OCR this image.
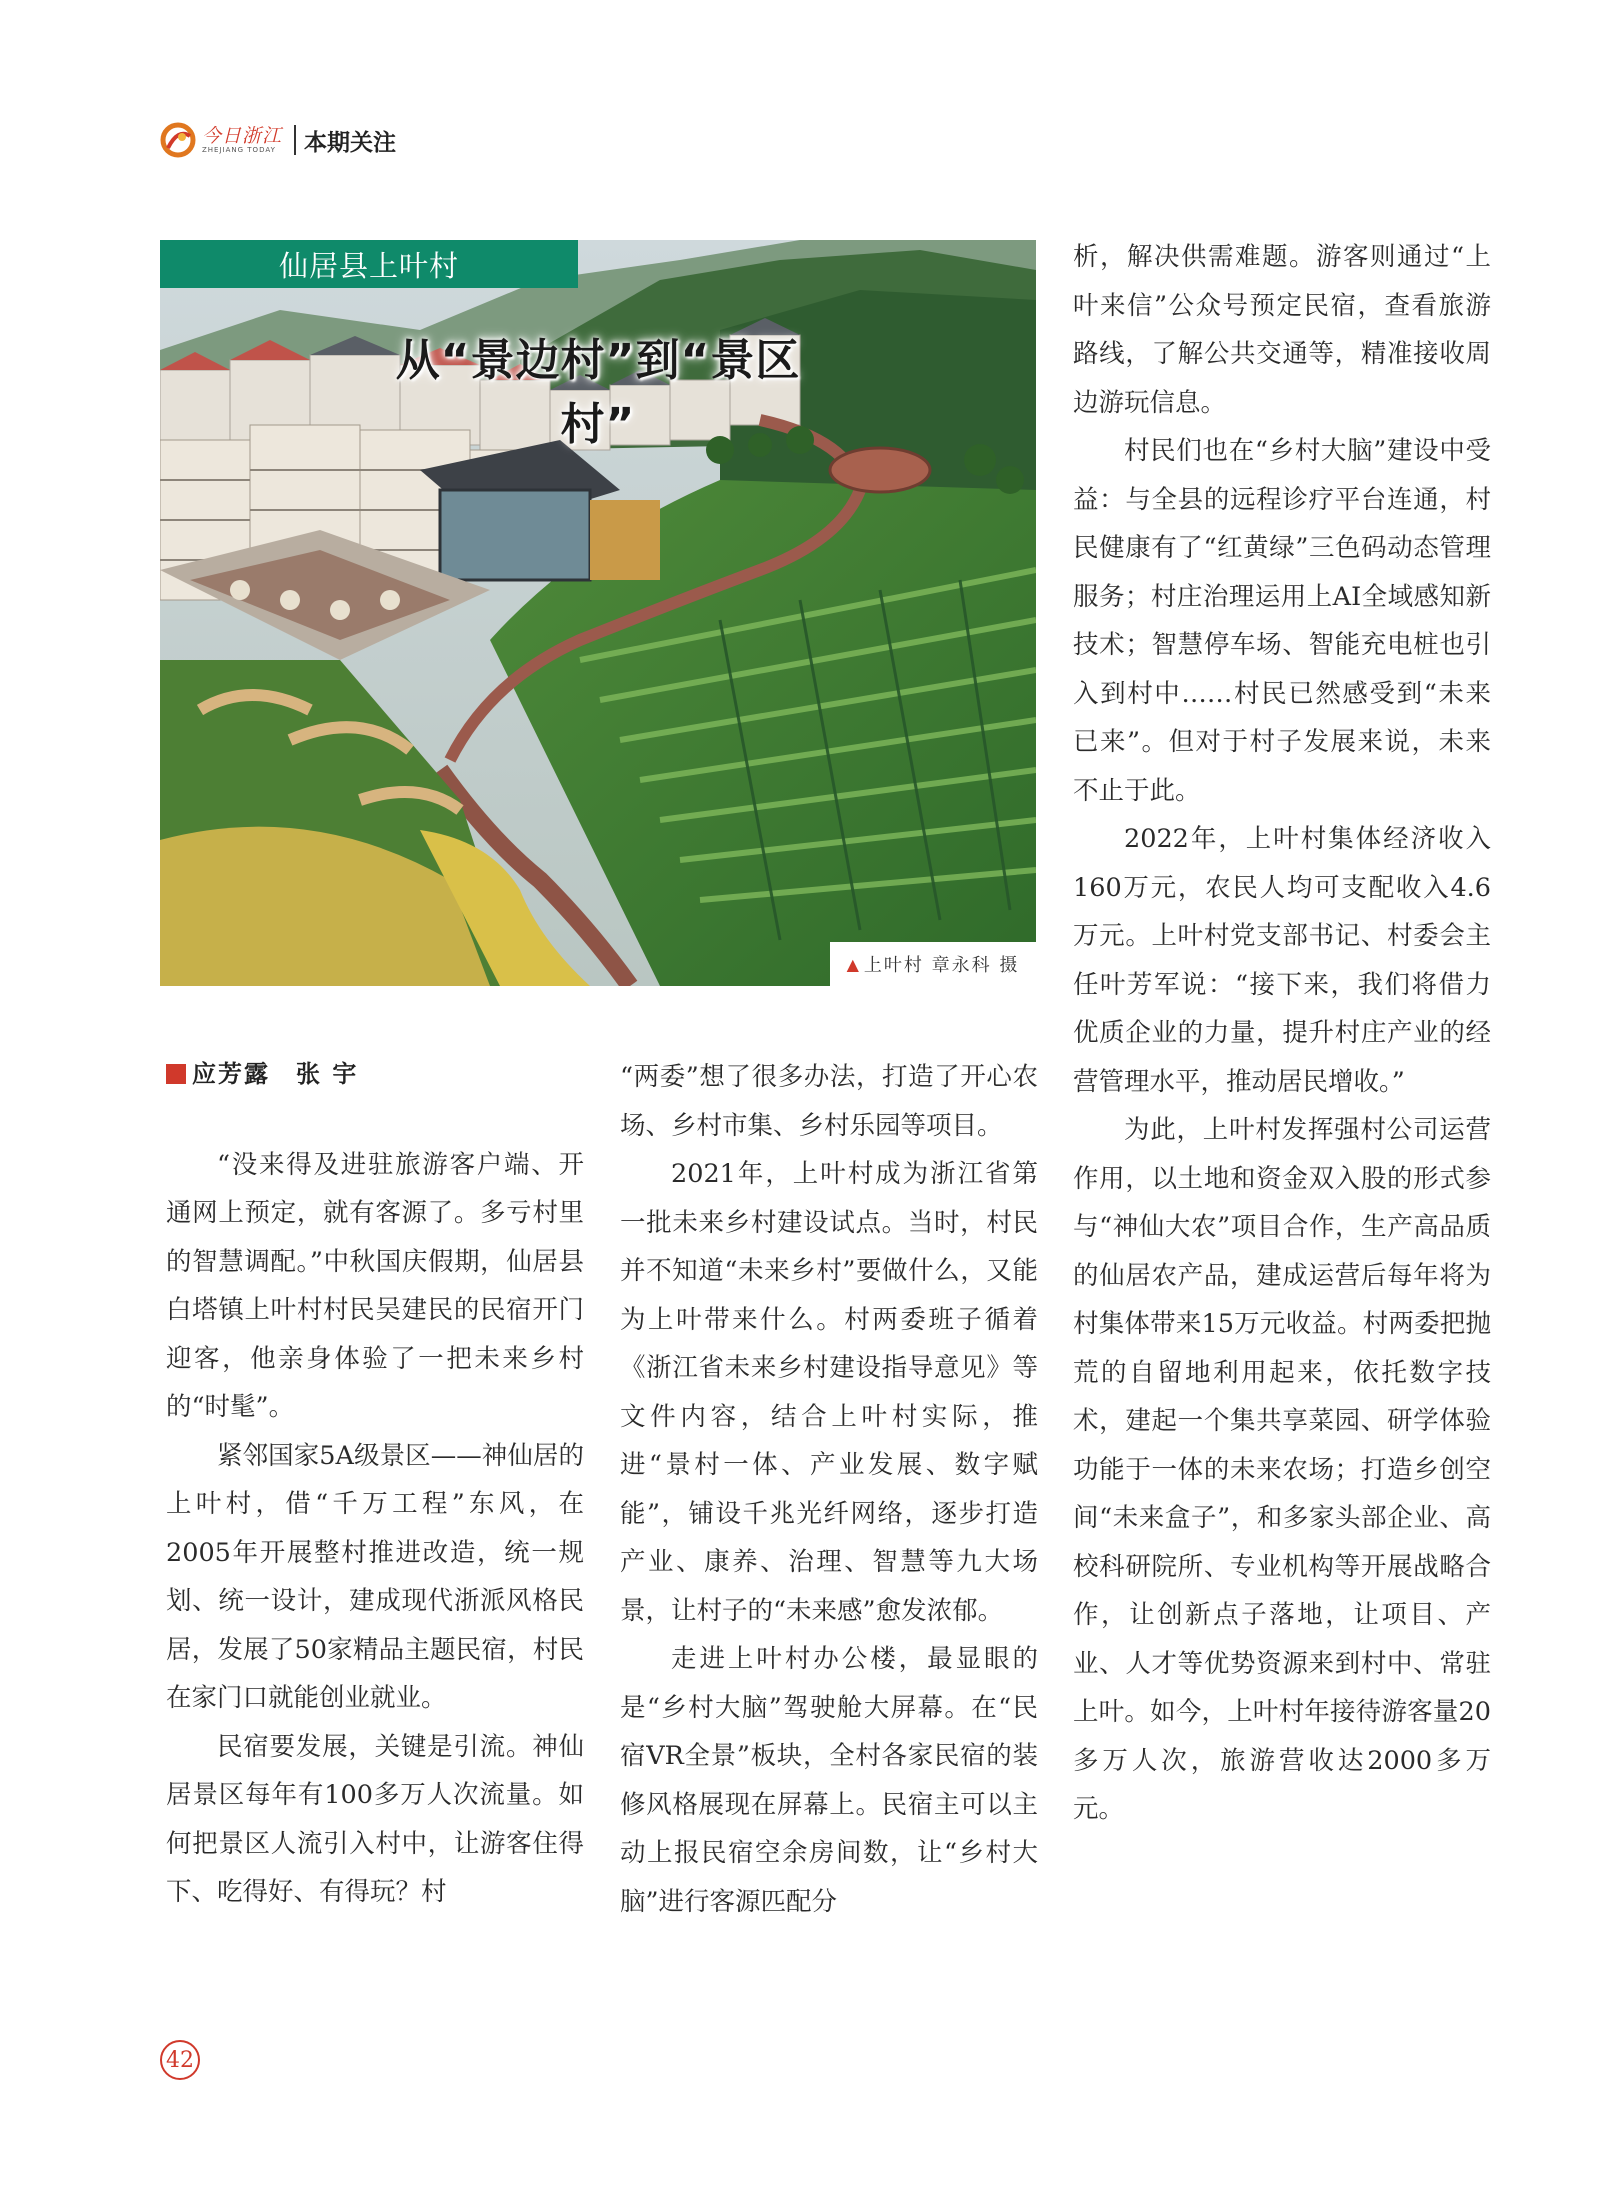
今日浙江
ZHEJIANG TODAY 本期关注
仙居县上叶村
从“景边村”到“景区村”
▲ 上叶村 章永科 摄
应芳露 张 宇

“没来得及进驻旅游客户端、开通网上预定，就有客源了。多亏村里的智慧调配。”中秋国庆假期，仙居县白塔镇上叶村村民吴建民的民宿开门迎客，他亲身体验了一把未来乡村的“时髦”。

紧邻国家5A级景区——神仙居的上叶村，借“千万工程”东风，在2005年开展整村推进改造，统一规划、统一设计，建成现代浙派风格民居，发展了50家精品主题民宿，村民在家门口就能创业就业。

民宿要发展，关键是引流。神仙居景区每年有100多万人次流量。如何把景区人流引入村中，让游客住得下、吃得好、有得玩？村

“两委”想了很多办法，打造了开心农场、乡村市集、乡村乐园等项目。

2021年，上叶村成为浙江省第一批未来乡村建设试点。当时，村民并不知道“未来乡村”要做什么，又能为上叶带来什么。村两委班子循着《浙江省未来乡村建设指导意见》等文件内容，结合上叶村实际，推进“景村一体、产业发展、数字赋能”，铺设千兆光纤网络，逐步打造产业、康养、治理、智慧等九大场景，让村子的“未来感”愈发浓郁。

走进上叶村办公楼，最显眼的是“乡村大脑”驾驶舱大屏幕。在“民宿VR全景”板块，全村各家民宿的装修风格展现在屏幕上。民宿主可以主动上报民宿空余房间数，让“乡村大脑”进行客源匹配分

析，解决供需难题。游客则通过“上叶来信”公众号预定民宿，查看旅游路线，了解公共交通等，精准接收周边游玩信息。

村民们也在“乡村大脑”建设中受益：与全县的远程诊疗平台连通，村民健康有了“红黄绿”三色码动态管理服务；村庄治理运用上AI全域感知新技术；智慧停车场、智能充电桩也引入到村中……村民已然感受到“未来已来”。但对于村子发展来说，未来不止于此。

2022年，上叶村集体经济收入160万元，农民人均可支配收入4.6万元。上叶村党支部书记、村委会主任叶芳军说：“接下来，我们将借力优质企业的力量，提升村庄产业的经营管理水平，推动居民增收。”

为此，上叶村发挥强村公司运营作用，以土地和资金双入股的形式参与“神仙大农”项目合作，生产高品质的仙居农产品，建成运营后每年将为村集体带来15万元收益。村两委把抛荒的自留地利用起来，依托数字技术，建起一个集共享菜园、研学体验功能于一体的未来农场；打造乡创空间“未来盒子”，和多家头部企业、高校科研院所、专业机构等开展战略合作，让创新点子落地，让项目、产业、人才等优势资源来到村中、常驻上叶。如今，上叶村年接待游客量20多万人次，旅游营收达2000多万元。

42
